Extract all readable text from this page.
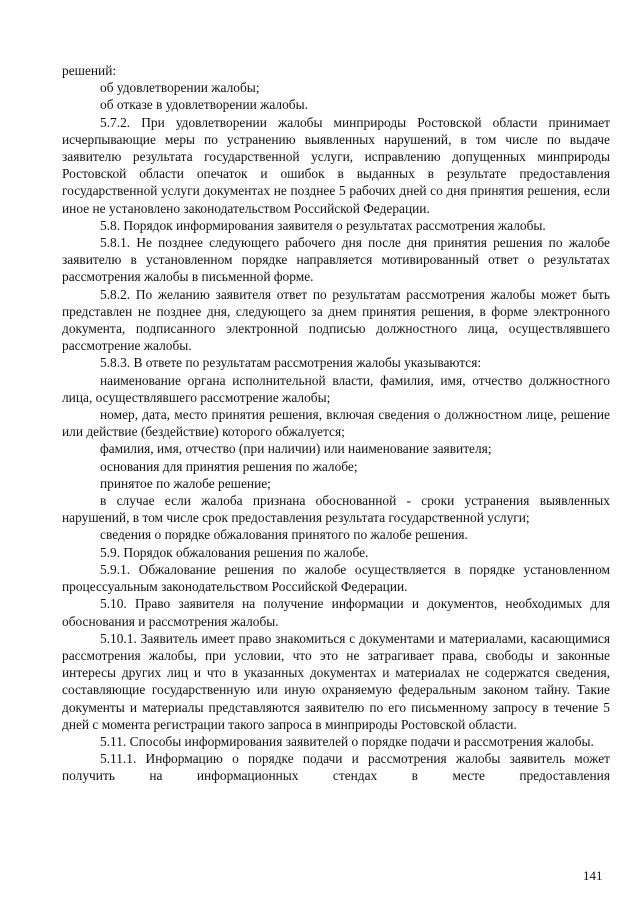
решений:

об удовлетворении жалобы;

об отказе в удовлетворении жалобы.

5.7.2. При удовлетворении жалобы минприроды Ростовской области принимает исчерпывающие меры по устранению выявленных нарушений, в том числе по выдаче заявителю результата государственной услуги, исправлению допущенных минприроды Ростовской области опечаток и ошибок в выданных в результате предоставления государственной услуги документах не позднее 5 рабочих дней со дня принятия решения, если иное не установлено законодательством Российской Федерации.

5.8. Порядок информирования заявителя о результатах рассмотрения жалобы.

5.8.1. Не позднее следующего рабочего дня после дня принятия решения по жалобе заявителю в установленном порядке направляется мотивированный ответ о результатах рассмотрения жалобы в письменной форме.

5.8.2. По желанию заявителя ответ по результатам рассмотрения жалобы может быть представлен не позднее дня, следующего за днем принятия решения, в форме электронного документа, подписанного электронной подписью должностного лица, осуществлявшего рассмотрение жалобы.

5.8.3. В ответе по результатам рассмотрения жалобы указываются:

наименование органа исполнительной власти, фамилия, имя, отчество должностного лица, осуществлявшего рассмотрение жалобы;

номер, дата, место принятия решения, включая сведения о должностном лице, решение или действие (бездействие) которого обжалуется;

фамилия, имя, отчество (при наличии) или наименование заявителя;

основания для принятия решения по жалобе;

принятое по жалобе решение;

в случае если жалоба признана обоснованной - сроки устранения выявленных нарушений, в том числе срок предоставления результата государственной услуги;

сведения о порядке обжалования принятого по жалобе решения.

5.9. Порядок обжалования решения по жалобе.

5.9.1. Обжалование решения по жалобе осуществляется в порядке установленном процессуальным законодательством Российской Федерации.

5.10. Право заявителя на получение информации и документов, необходимых для обоснования и рассмотрения жалобы.

5.10.1. Заявитель имеет право знакомиться с документами и материалами, касающимися рассмотрения жалобы, при условии, что это не затрагивает права, свободы и законные интересы других лиц и что в указанных документах и материалах не содержатся сведения, составляющие государственную или иную охраняемую федеральным законом тайну. Такие документы и материалы представляются заявителю по его письменному запросу в течение 5 дней с момента регистрации такого запроса в минприроды Ростовской области.

5.11. Способы информирования заявителей о порядке подачи и рассмотрения жалобы.

5.11.1. Информацию о порядке подачи и рассмотрения жалобы заявитель может получить на информационных стендах в месте предоставления

141
